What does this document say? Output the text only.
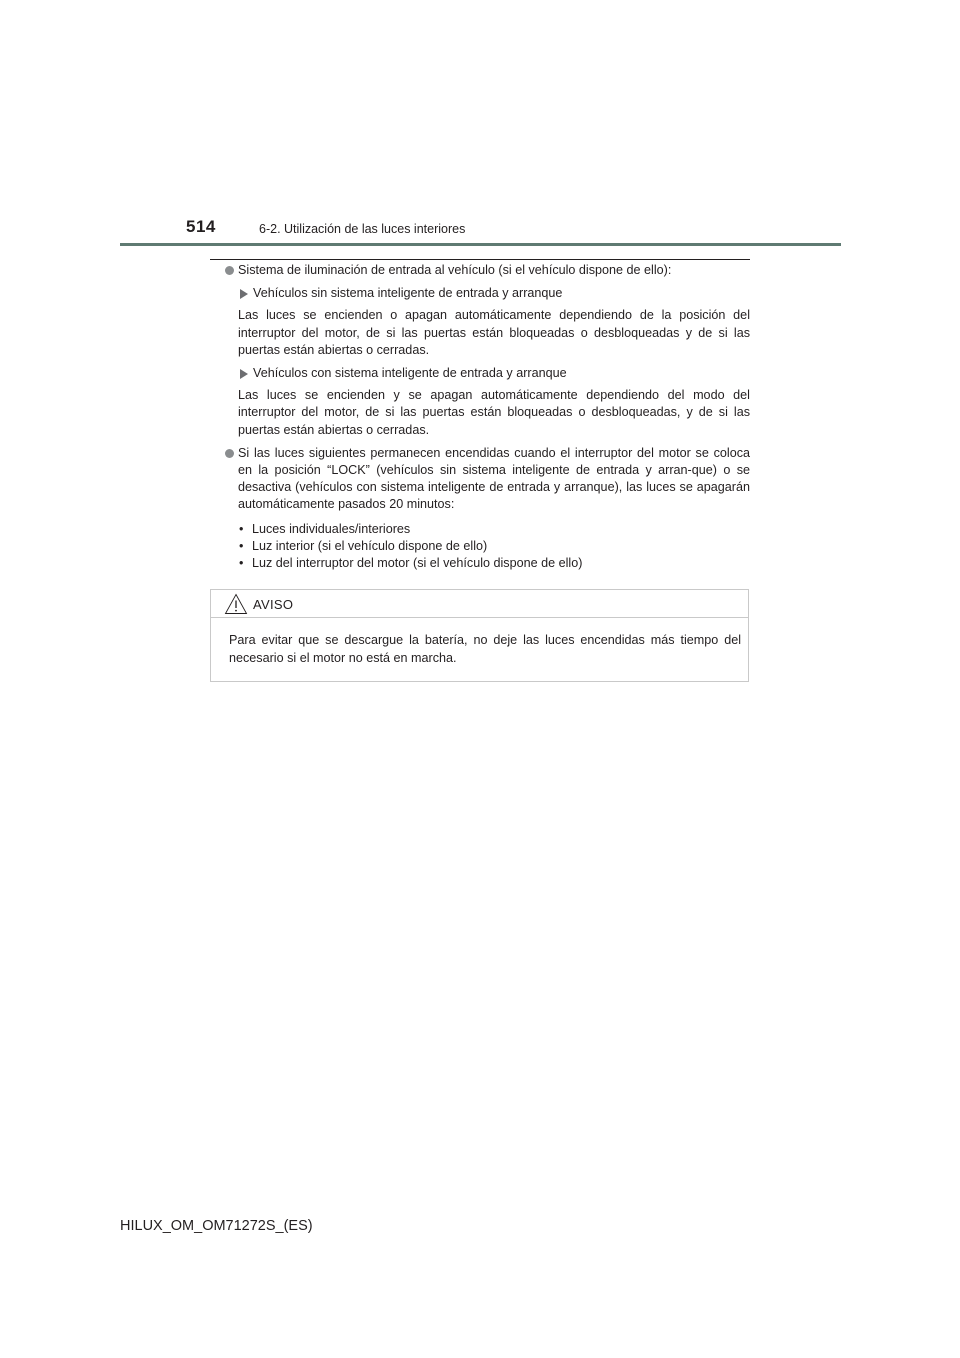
514	6-2. Utilización de las luces interiores

Sistema de iluminación de entrada al vehículo (si el vehículo dispone de ello):

Vehículos sin sistema inteligente de entrada y arranque

Las luces se encienden o apagan automáticamente dependiendo de la posición del interruptor del motor, de si las puertas están bloqueadas o desbloqueadas y de si las puertas están abiertas o cerradas.

Vehículos con sistema inteligente de entrada y arranque

Las luces se encienden y se apagan automáticamente dependiendo del modo del interruptor del motor, de si las puertas están bloqueadas o desbloqueadas, y de si las puertas están abiertas o cerradas.

Si las luces siguientes permanecen encendidas cuando el interruptor del motor se coloca en la posición “LOCK” (vehículos sin sistema inteligente de entrada y arran-que) o se desactiva (vehículos con sistema inteligente de entrada y arranque), las luces se apagarán automáticamente pasados 20 minutos:

• Luces individuales/interiores
• Luz interior (si el vehículo dispone de ello)
• Luz del interruptor del motor (si el vehículo dispone de ello)
AVISO

Para evitar que se descargue la batería, no deje las luces encendidas más tiempo del necesario si el motor no está en marcha.

HILUX_OM_OM71272S_(ES)
